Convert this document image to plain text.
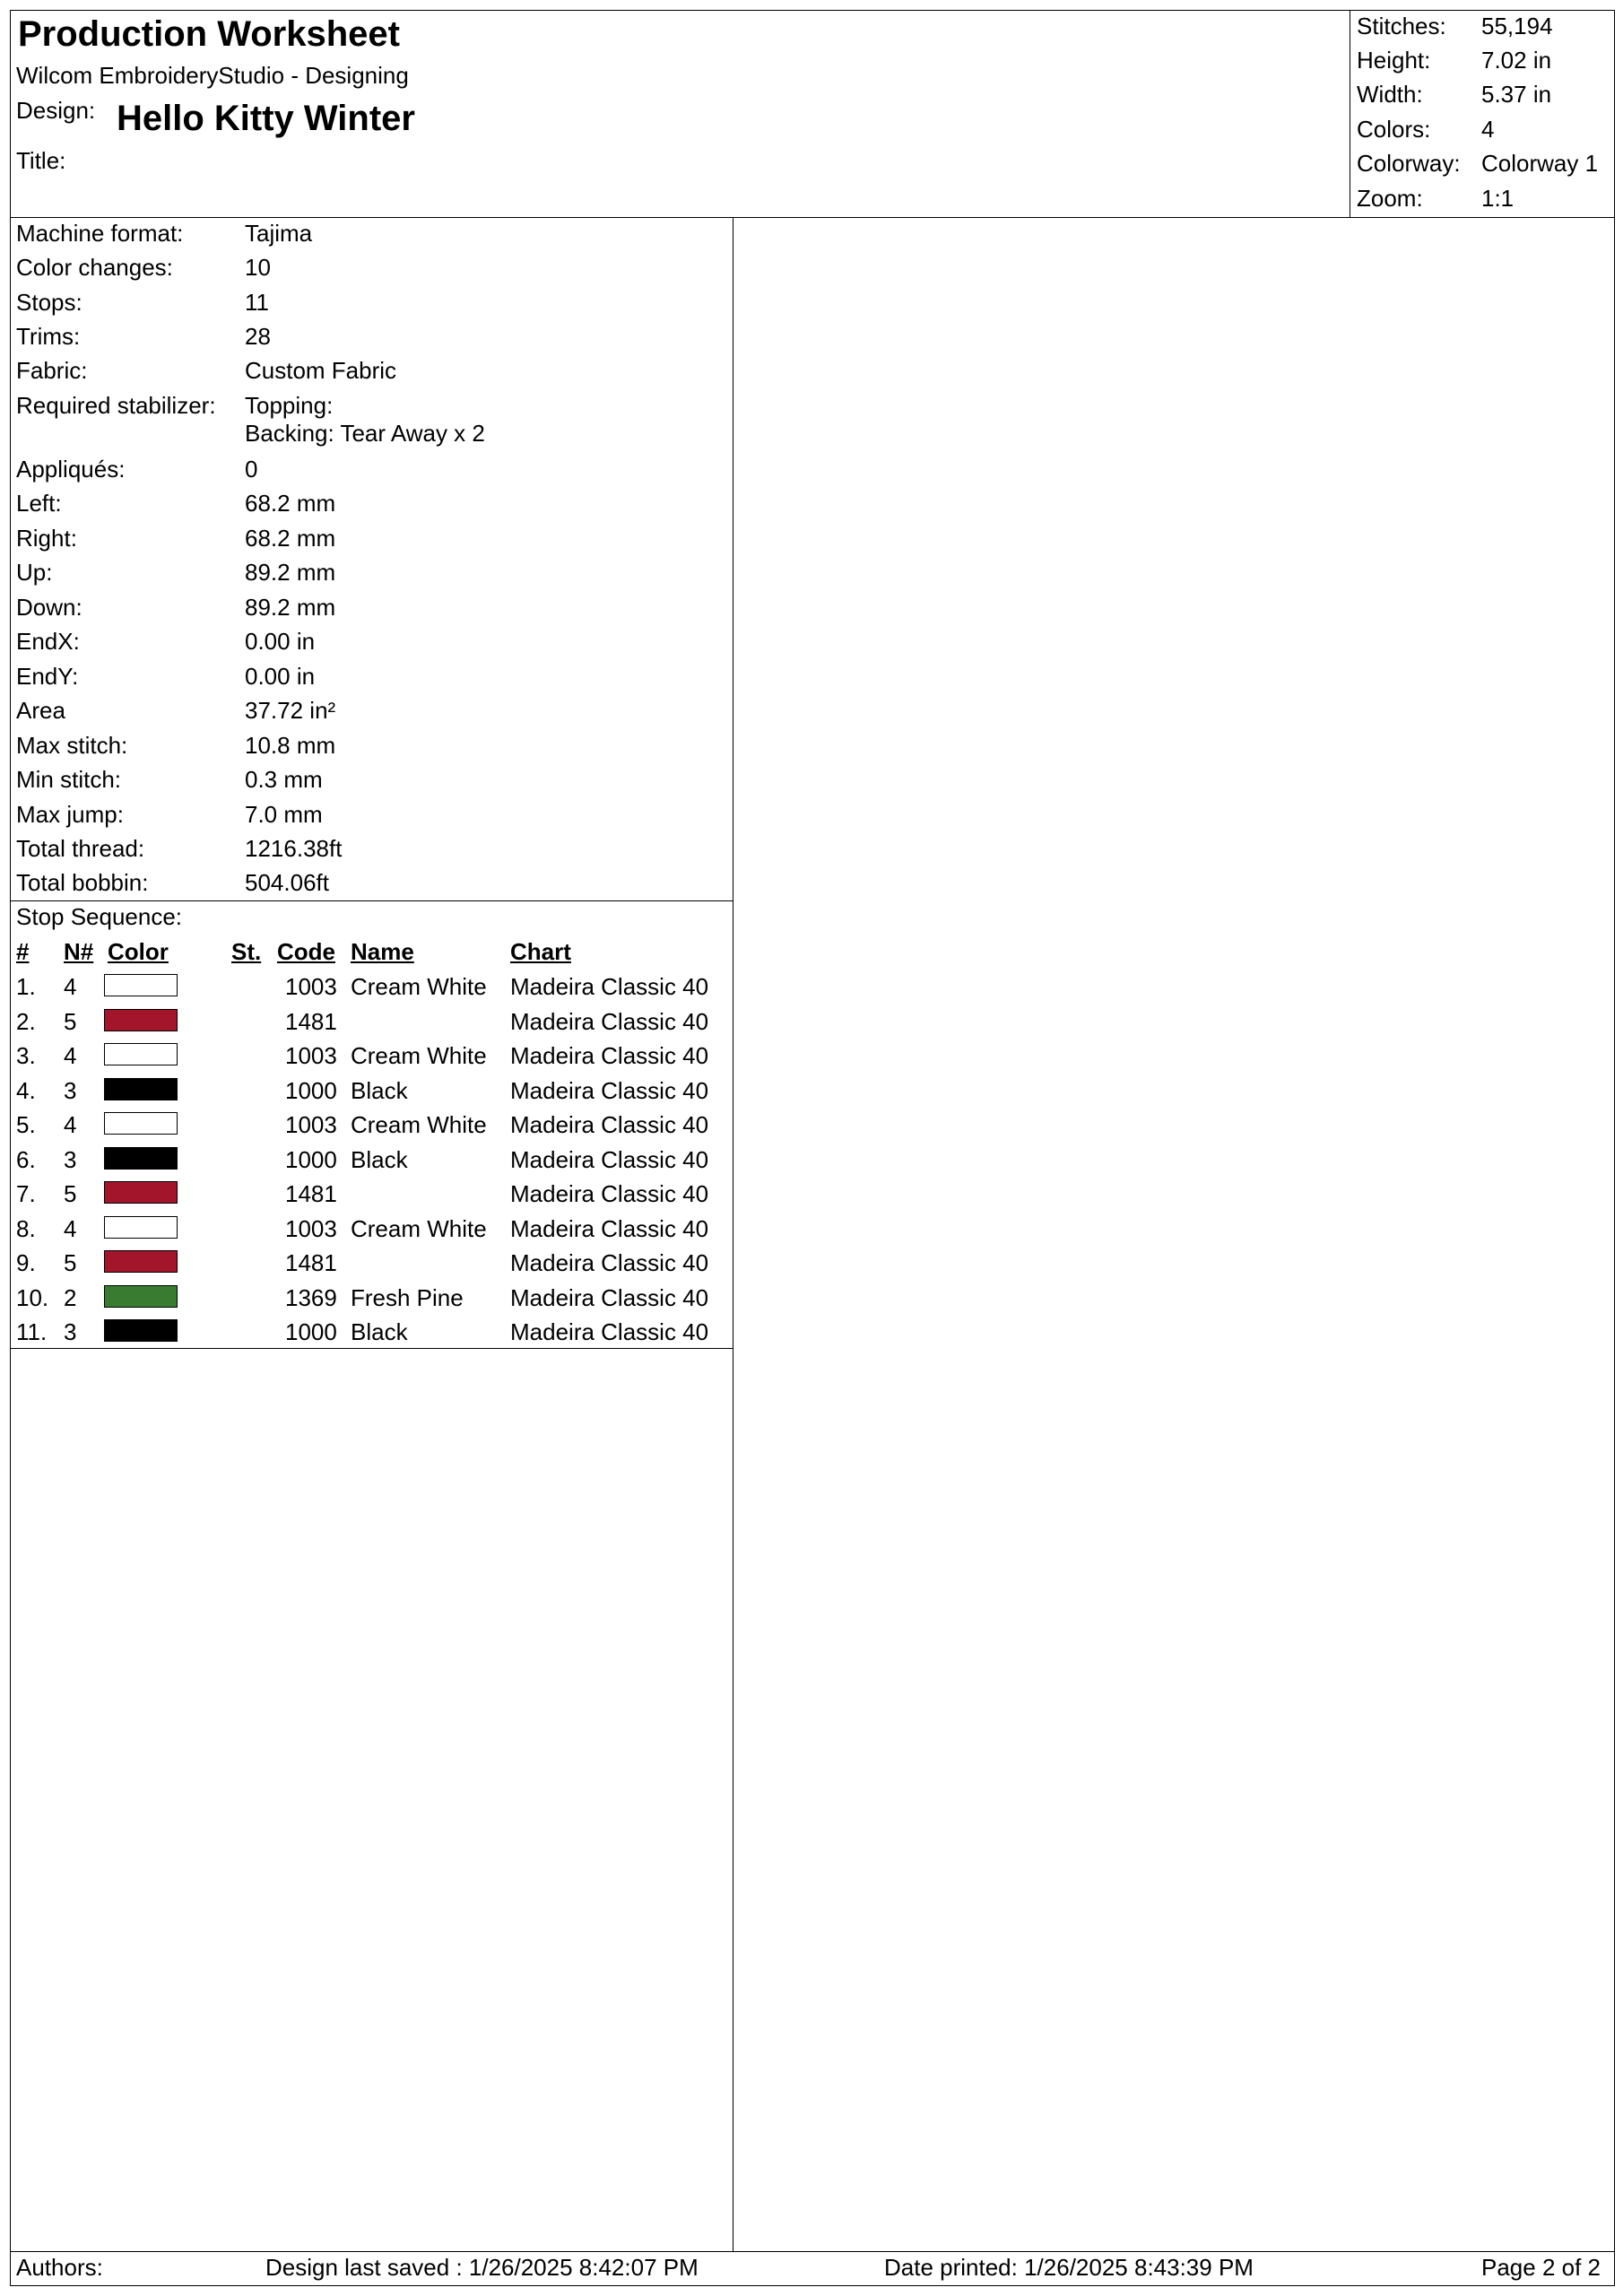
Production Worksheet
Wilcom EmbroideryStudio - Designing
Design: Hello Kitty Winter
Title:
Stitches: 55,194
Height: 7.02 in
Width:	5.37 in
Colors: 4
Colorway: Colorway 1
Zoom:	1:1
Machine format:	Tajima
Color changes:	10
Stops:	11
Trims:	28
Fabric:	Custom Fabric
Required stabilizer: Topping:
Backing: Tear Away x 2
Appliqués:	0
Left:	68.2 mm
Right:	68.2 mm
Up:	89.2 mm
Down:	89.2 mm
EndX:	0.00 in
EndY:	0.00 in
Area	37.72 in²
Max stitch:	10.8 mm
Min stitch:	0.3 mm
Max jump:	7.0 mm
Total thread:	1216.38ft
Total bobbin:	504.06ft
Stop Sequence:
# N# Color	St. Code Name	Chart
1. 4	1003 Cream White Madeira Classic 40
2. 5	1481	Madeira Classic 40
3. 4	1003 Cream White Madeira Classic 40
4. 3	1000 Black	Madeira Classic 40
5. 4	1003 Cream White Madeira Classic 40
6. 3	1000 Black	Madeira Classic 40
7. 5	1481	Madeira Classic 40
8. 4	1003 Cream White Madeira Classic 40
9. 5	1481	Madeira Classic 40
10. 2	1369 Fresh Pine Madeira Classic 40
11. 3	1000 Black	Madeira Classic 40
Authors:	Design last saved : 1/26/2025 8:42:07 PM	Date printed: 1/26/2025 8:43:39 PM	Page 2 of 2
